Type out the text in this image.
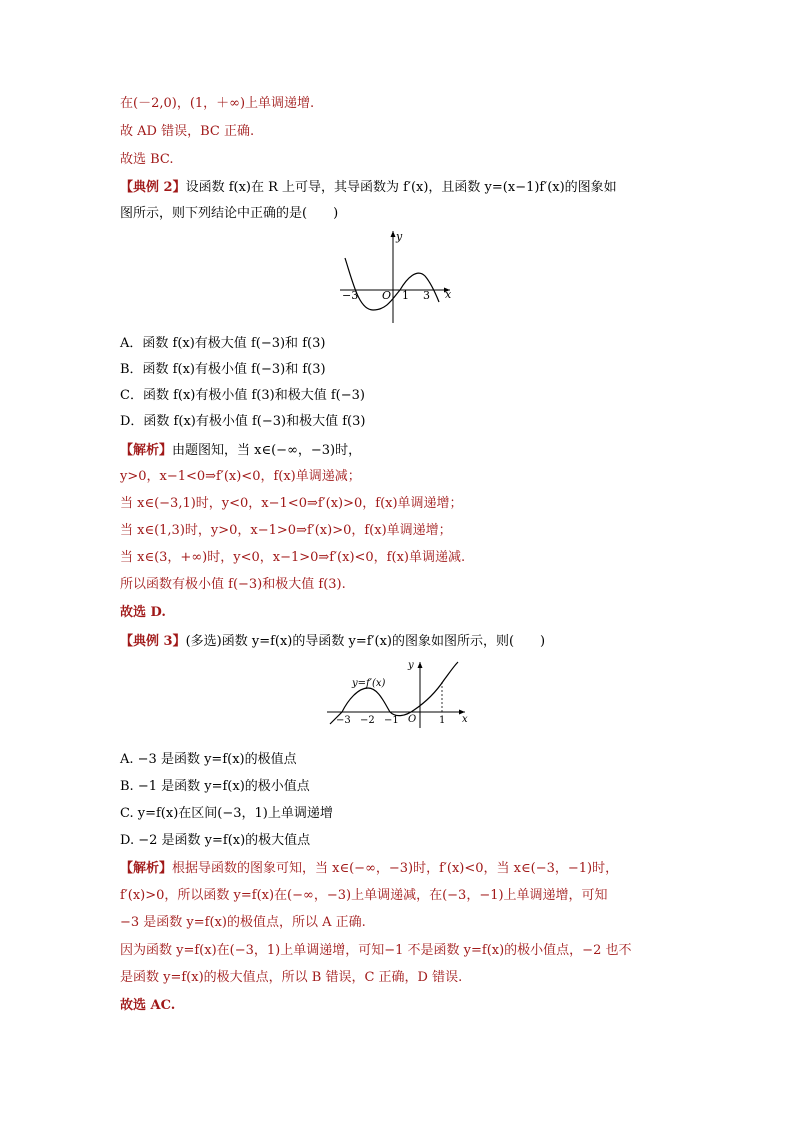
在(－2,0)，(1，＋∞)上单调递增.
故 AD 错误，BC 正确.
故选 BC.
【典例 2】设函数 f(x)在 R 上可导，其导函数为 f′(x)，且函数 y=(x−1)f′(x)的图象如
图所示，则下列结论中正确的是(　　)
y
x
O
−3	1 3
A．函数 f(x)有极大值 f(−3)和 f(3)
B．函数 f(x)有极小值 f(−3)和 f(3)
C．函数 f(x)有极小值 f(3)和极大值 f(−3)
D．函数 f(x)有极小值 f(−3)和极大值 f(3)
【解析】由题图知，当 x∈(−∞，−3)时，
y>0，x−1<0⇒f′(x)<0，f(x)单调递减；
当 x∈(−3,1)时，y<0，x−1<0⇒f′(x)>0，f(x)单调递增；
当 x∈(1,3)时，y>0，x−1>0⇒f′(x)>0，f(x)单调递增；
当 x∈(3，+∞)时，y<0，x−1>0⇒f′(x)<0，f(x)单调递减.
所以函数有极小值 f(−3)和极大值 f(3).
故选 D.
【典例 3】(多选)函数 y=f(x)的导函数 y=f′(x)的图象如图所示，则(　　)
y=f′(x)
y
x
O
−3 −2 −1	1
A. −3 是函数 y=f(x)的极值点
B. −1 是函数 y=f(x)的极小值点
C. y=f(x)在区间(−3，1)上单调递增
D. −2 是函数 y=f(x)的极大值点
【解析】根据导函数的图象可知，当 x∈(−∞，−3)时，f′(x)<0，当 x∈(−3，−1)时，
f′(x)>0，所以函数 y=f(x)在(−∞，−3)上单调递减，在(−3，−1)上单调递增，可知
−3 是函数 y=f(x)的极值点，所以 A 正确.
因为函数 y=f(x)在(−3，1)上单调递增，可知−1 不是函数 y=f(x)的极小值点，−2 也不
是函数 y=f(x)的极大值点，所以 B 错误，C 正确，D 错误.
故选 AC.
